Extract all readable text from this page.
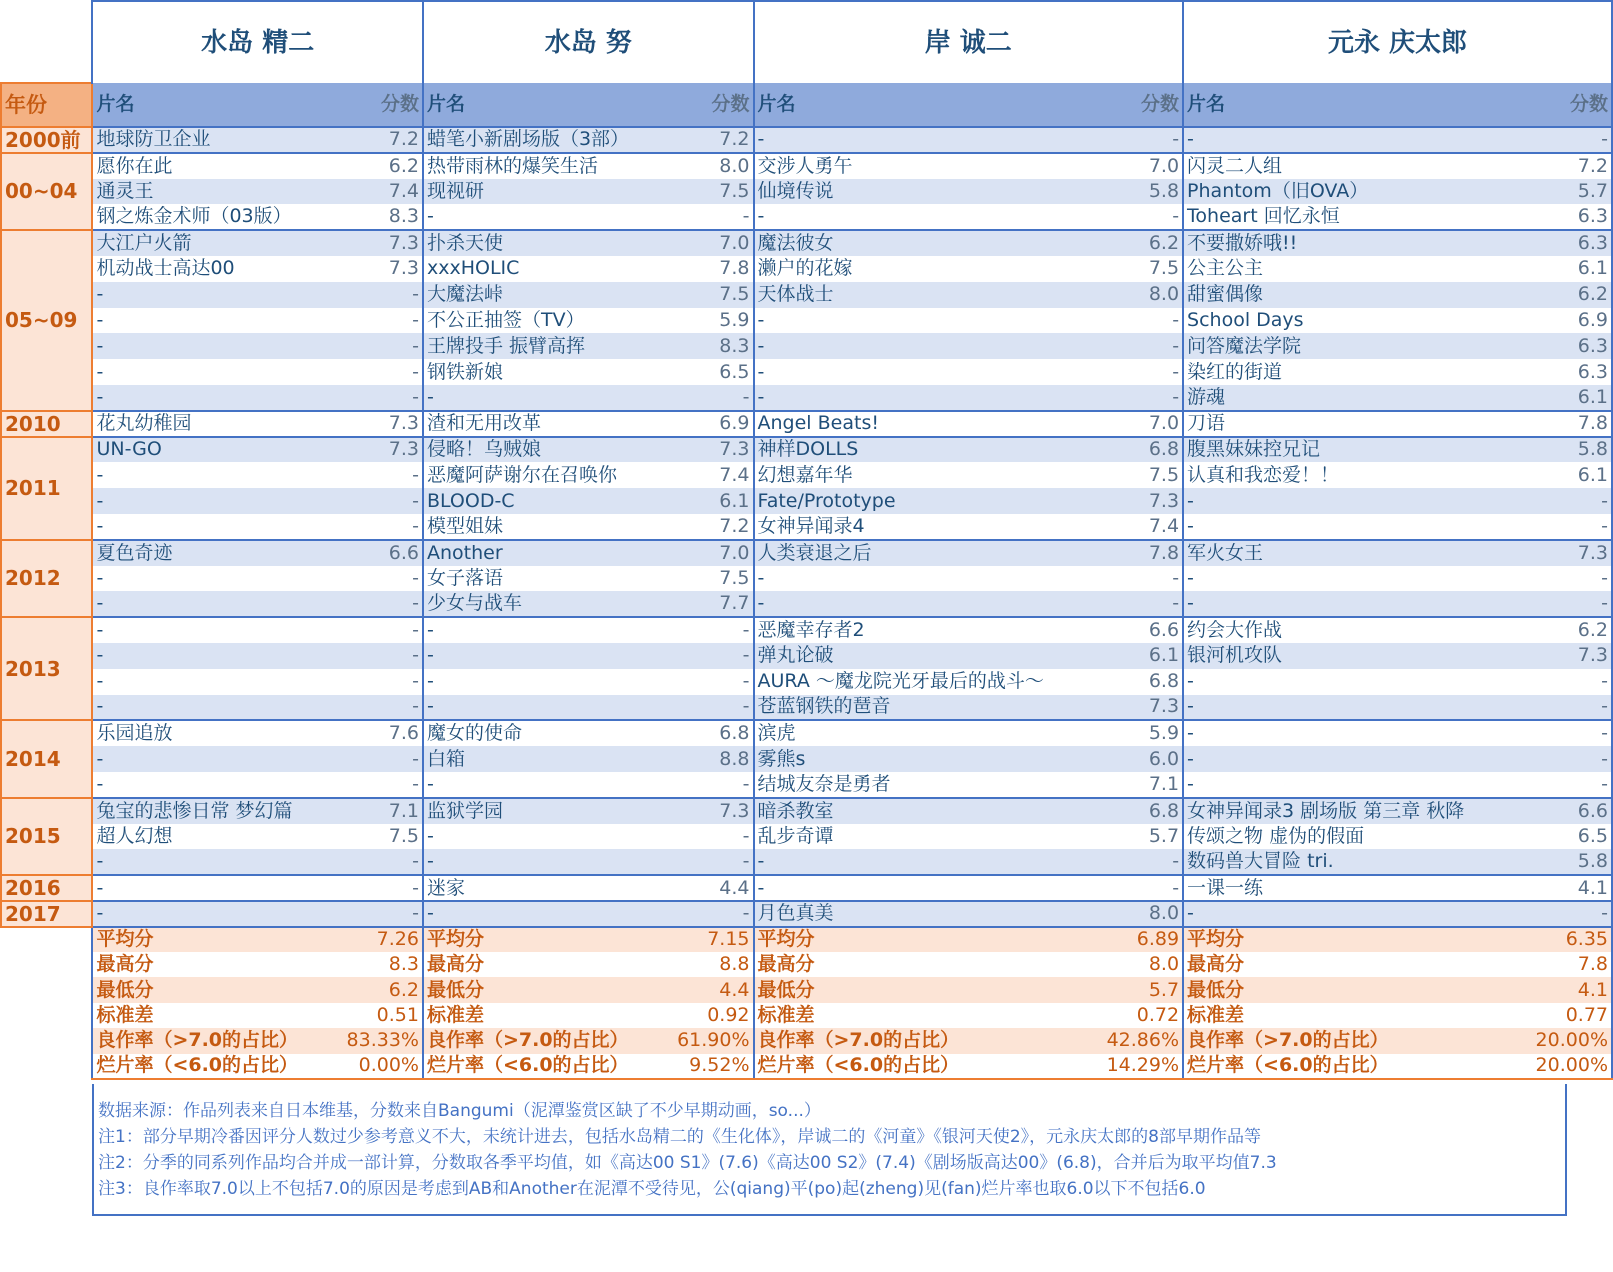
	水岛 精二		水岛 努		岸 诚二		元永 庆太郎	
年份	片名	分数	片名	分数	片名	分数	片名	分数
2000前	地球防卫企业	7.2	蜡笔小新剧场版（3部）	7.2	-	-	-	-
00~04	愿你在此	6.2	热带雨林的爆笑生活	8.0	交涉人勇午	7.0	闪灵二人组	7.2
	通灵王	7.4	现视研	7.5	仙境传说	5.8	Phantom（旧OVA）	5.7
	钢之炼金术师（03版）	8.3	-	-	-	-	Toheart 回忆永恒	6.3
05~09	大江户火箭	7.3	扑杀天使	7.0	魔法彼女	6.2	不要撒娇哦!!	6.3
	机动战士高达00	7.3	xxxHOLIC	7.8	濑户的花嫁	7.5	公主公主	6.1
	-	-	大魔法峠	7.5	天体战士	8.0	甜蜜偶像	6.2
	-	-	不公正抽签（TV）	5.9	-	-	School Days	6.9
	-	-	王牌投手 振臂高挥	8.3	-	-	问答魔法学院	6.3
	-	-	钢铁新娘	6.5	-	-	染红的街道	6.3
	-	-	-	-	-	-	游魂	6.1
2010	花丸幼稚园	7.3	渣和无用改革	6.9	Angel Beats!	7.0	刀语	7.8
2011	UN-GO	7.3	侵略！乌贼娘	7.3	神样DOLLS	6.8	腹黑妹妹控兄记	5.8
	-	-	恶魔阿萨谢尔在召唤你	7.4	幻想嘉年华	7.5	认真和我恋爱！！	6.1
	-	-	BLOOD-C	6.1	Fate/Prototype	7.3	-	-
	-	-	模型姐妹	7.2	女神异闻录4	7.4	-	-
2012	夏色奇迹	6.6	Another	7.0	人类衰退之后	7.8	军火女王	7.3
	-	-	女子落语	7.5	-	-	-	-
	-	-	少女与战车	7.7	-	-	-	-
2013	-	-	-	-	恶魔幸存者2	6.6	约会大作战	6.2
	-	-	-	-	弹丸论破	6.1	银河机攻队	7.3
	-	-	-	-	AURA ～魔龙院光牙最后的战斗～	6.8	-	-
	-	-	-	-	苍蓝钢铁的琶音	7.3	-	-
2014	乐园追放	7.6	魔女的使命	6.8	滨虎	5.9	-	-
	-	-	白箱	8.8	雾熊s	6.0	-	-
	-	-	-	-	结城友奈是勇者	7.1	-	-
2015	兔宝的悲惨日常 梦幻篇	7.1	监狱学园	7.3	暗杀教室	6.8	女神异闻录3 剧场版 第三章 秋降	6.6
	超人幻想	7.5	-	-	乱步奇谭	5.7	传颂之物 虚伪的假面	6.5
	-	-	-	-	-	-	数码兽大冒险 tri.	5.8
2016	-	-	迷家	4.4	-	-	一课一练	4.1
2017	-	-	-	-	月色真美	8.0	-	-
	平均分	7.26	平均分	7.15	平均分	6.89	平均分	6.35
	最高分	8.3	最高分	8.8	最高分	8.0	最高分	7.8
	最低分	6.2	最低分	4.4	最低分	5.7	最低分	4.1
	标准差	0.51	标准差	0.92	标准差	0.72	标准差	0.77
	良作率（>7.0的占比）	83.33%	良作率（>7.0的占比）	61.90%	良作率（>7.0的占比）	42.86%	良作率（>7.0的占比）	20.00%
	烂片率（<6.0的占比）	0.00%	烂片率（<6.0的占比）	9.52%	烂片率（<6.0的占比）	14.29%	烂片率（<6.0的占比）	20.00%
数据来源：作品列表来自日本维基，分数来自Bangumi（泥潭鉴赏区缺了不少早期动画，so...）
注1：部分早期冷番因评分人数过少参考意义不大，未统计进去，包括水岛精二的《生化体》，岸诚二的《河童》《银河天使2》，元永庆太郎的8部早期作品等
注2：分季的同系列作品均合并成一部计算，分数取各季平均值，如《高达00 S1》(7.6)《高达00 S2》(7.4)《剧场版高达00》(6.8)，合并后为取平均值7.3
注3：良作率取7.0以上不包括7.0的原因是考虑到AB和Another在泥潭不受待见，公(qiang)平(po)起(zheng)见(fan)烂片率也取6.0以下不包括6.0
